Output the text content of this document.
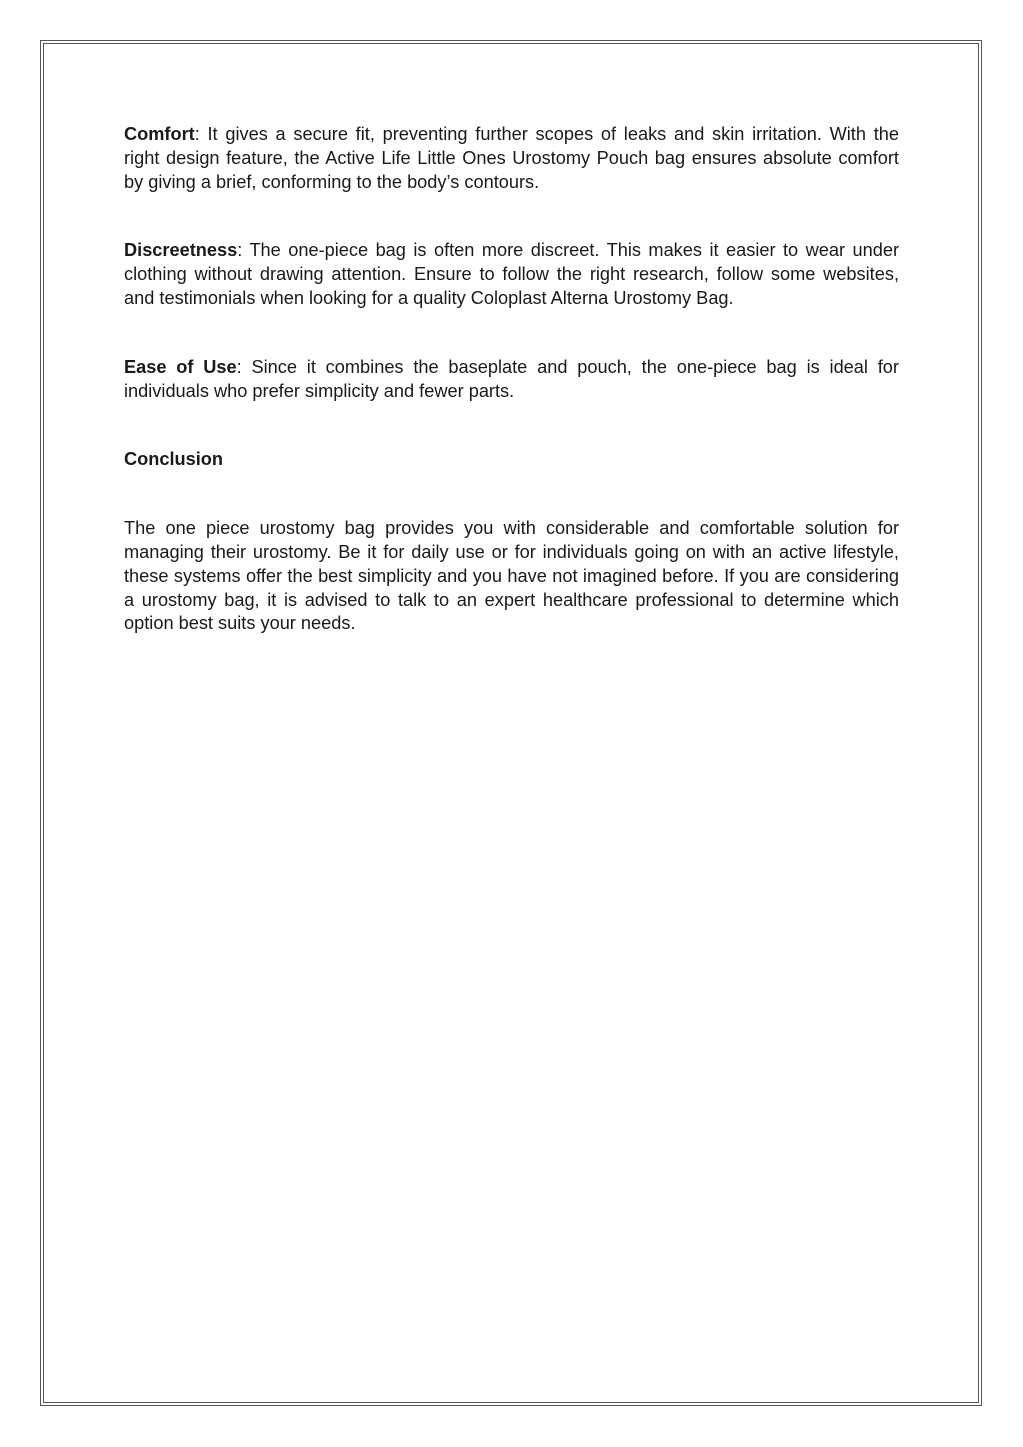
Comfort: It gives a secure fit, preventing further scopes of leaks and skin irritation. With the right design feature, the Active Life Little Ones Urostomy Pouch bag ensures absolute comfort by giving a brief, conforming to the body’s contours.

Discreetness: The one-piece bag is often more discreet. This makes it easier to wear under clothing without drawing attention. Ensure to follow the right research, follow some websites, and testimonials when looking for a quality Coloplast Alterna Urostomy Bag.

Ease of Use: Since it combines the baseplate and pouch, the one-piece bag is ideal for individuals who prefer simplicity and fewer parts.

Conclusion

The one piece urostomy bag provides you with considerable and comfortable solution for managing their urostomy. Be it for daily use or for individuals going on with an active lifestyle, these systems offer the best simplicity and you have not imagined before. If you are considering a urostomy bag, it is advised to talk to an expert healthcare professional to determine which option best suits your needs.
